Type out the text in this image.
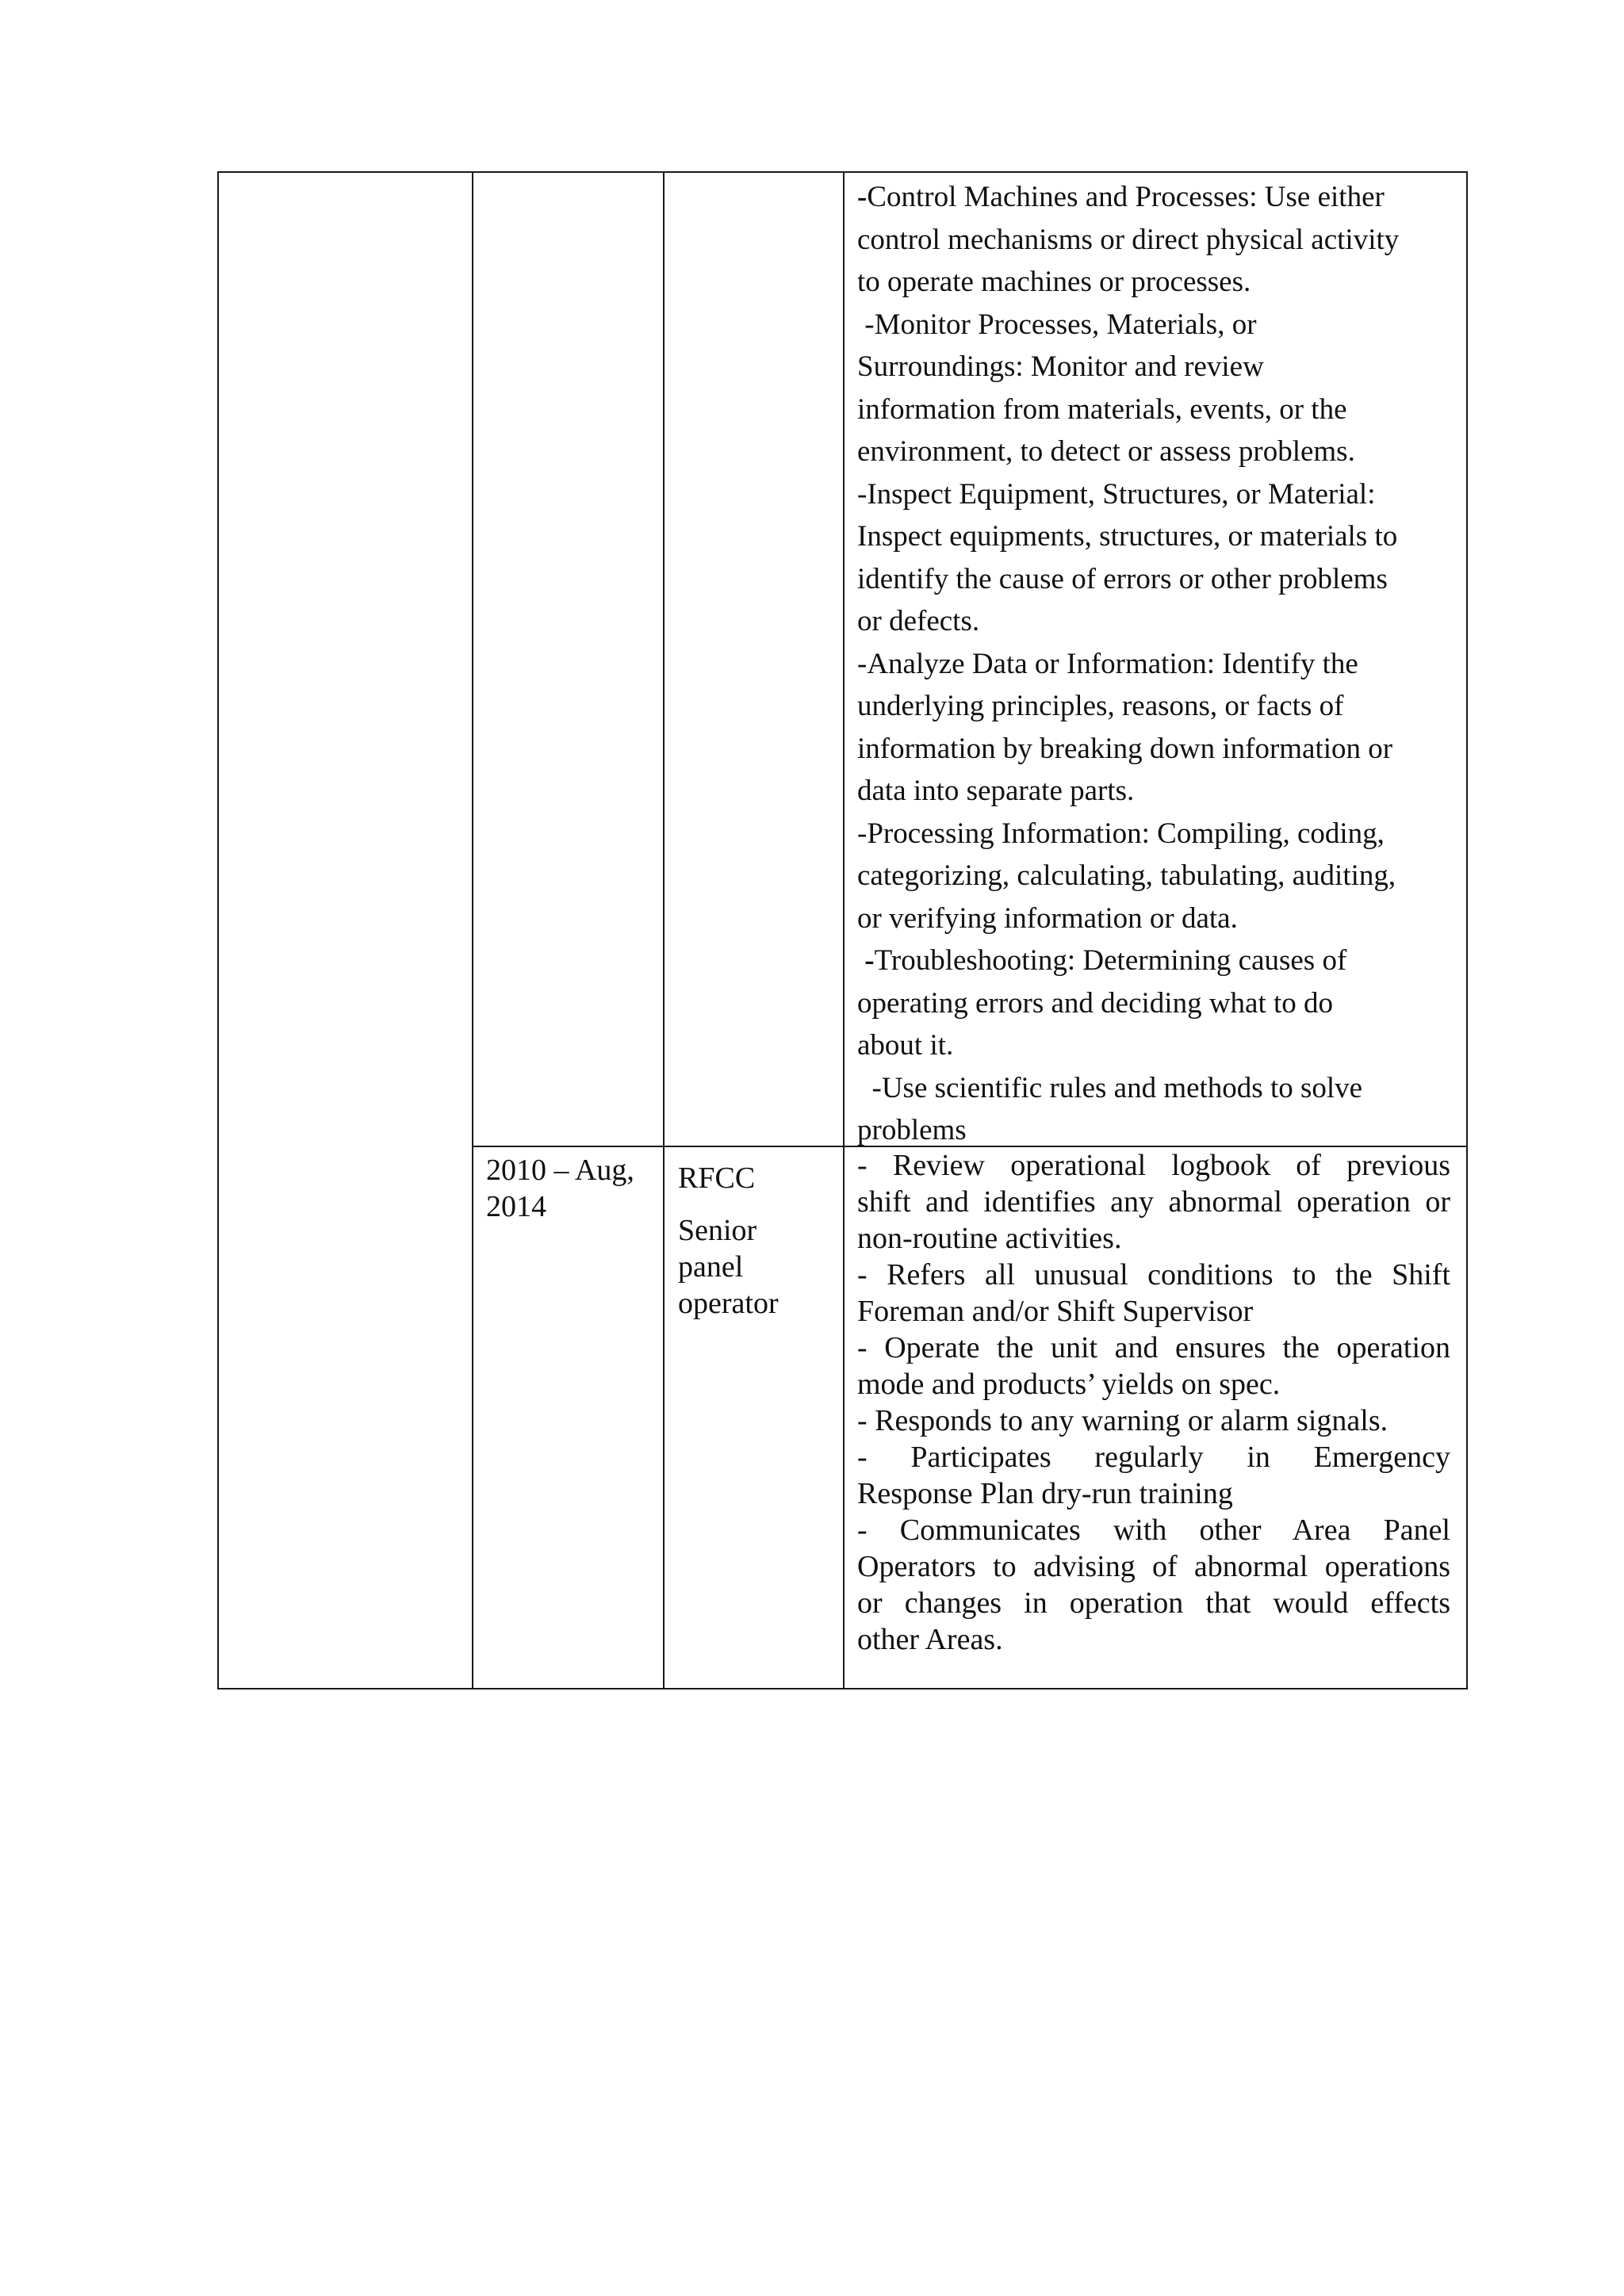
-Control Machines and Processes: Use either

control mechanisms or direct physical activity

to operate machines or processes.

-Monitor Processes, Materials, or

Surroundings: Monitor and review

information from materials, events, or the

environment, to detect or assess problems.

-Inspect Equipment, Structures, or Material:

Inspect equipments, structures, or materials to

identify the cause of errors or other problems

or defects.

-Analyze Data or Information: Identify the

underlying principles, reasons, or facts of

information by breaking down information or

data into separate parts.

-Processing Information: Compiling, coding,

categorizing, calculating, tabulating, auditing,

or verifying information or data.

-Troubleshooting: Determining causes of

operating errors and deciding what to do

about it.

-Use scientific rules and methods to solve

problems

2010 – Aug, 2014
RFCC
Senior panel operator

- Review operational logbook of previous

shift and identifies any abnormal operation or

non-routine activities.

- Refers all unusual conditions to the Shift

Foreman and/or Shift Supervisor

- Operate the unit and ensures the operation

mode and products’ yields on spec.

- Responds to any warning or alarm signals.

- Participates regularly in Emergency

Response Plan dry-run training

- Communicates with other Area Panel

Operators to advising of abnormal operations

or changes in operation that would effects

other Areas.
